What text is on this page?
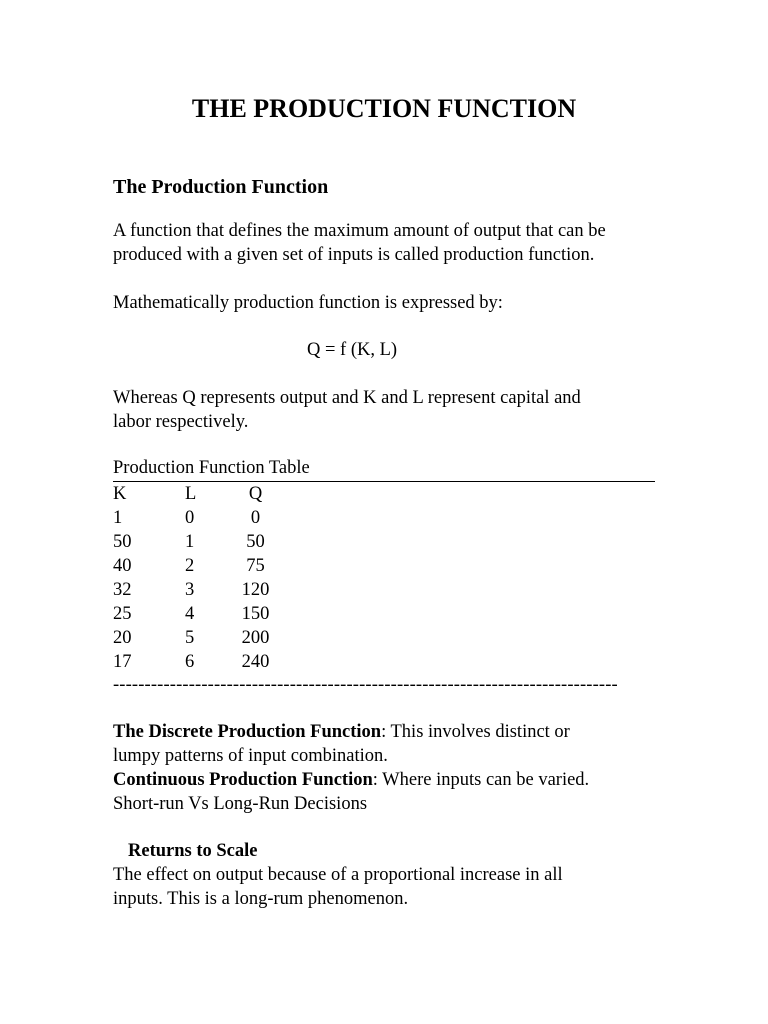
THE PRODUCTION FUNCTION
The Production Function

A function that defines the maximum amount of output that can be

produced with a given set of inputs is called production function.

Mathematically production function is expressed by:

Q = f (K, L)

Whereas Q represents output and K and L represent capital and

labor respectively.

Production Function Table

K	L	Q
1	0	0
50	1	50
40	2	75
32	3	120
25	4	150
20	5	200
17	6	240

--------------------------------------------------------------------------------

The Discrete Production Function: This involves distinct or

lumpy patterns of input combination.

Continuous Production Function: Where inputs can be varied.

Short-run Vs Long-Run Decisions

Returns to Scale

The effect on output because of a proportional increase in all

inputs. This is a long-rum phenomenon.
